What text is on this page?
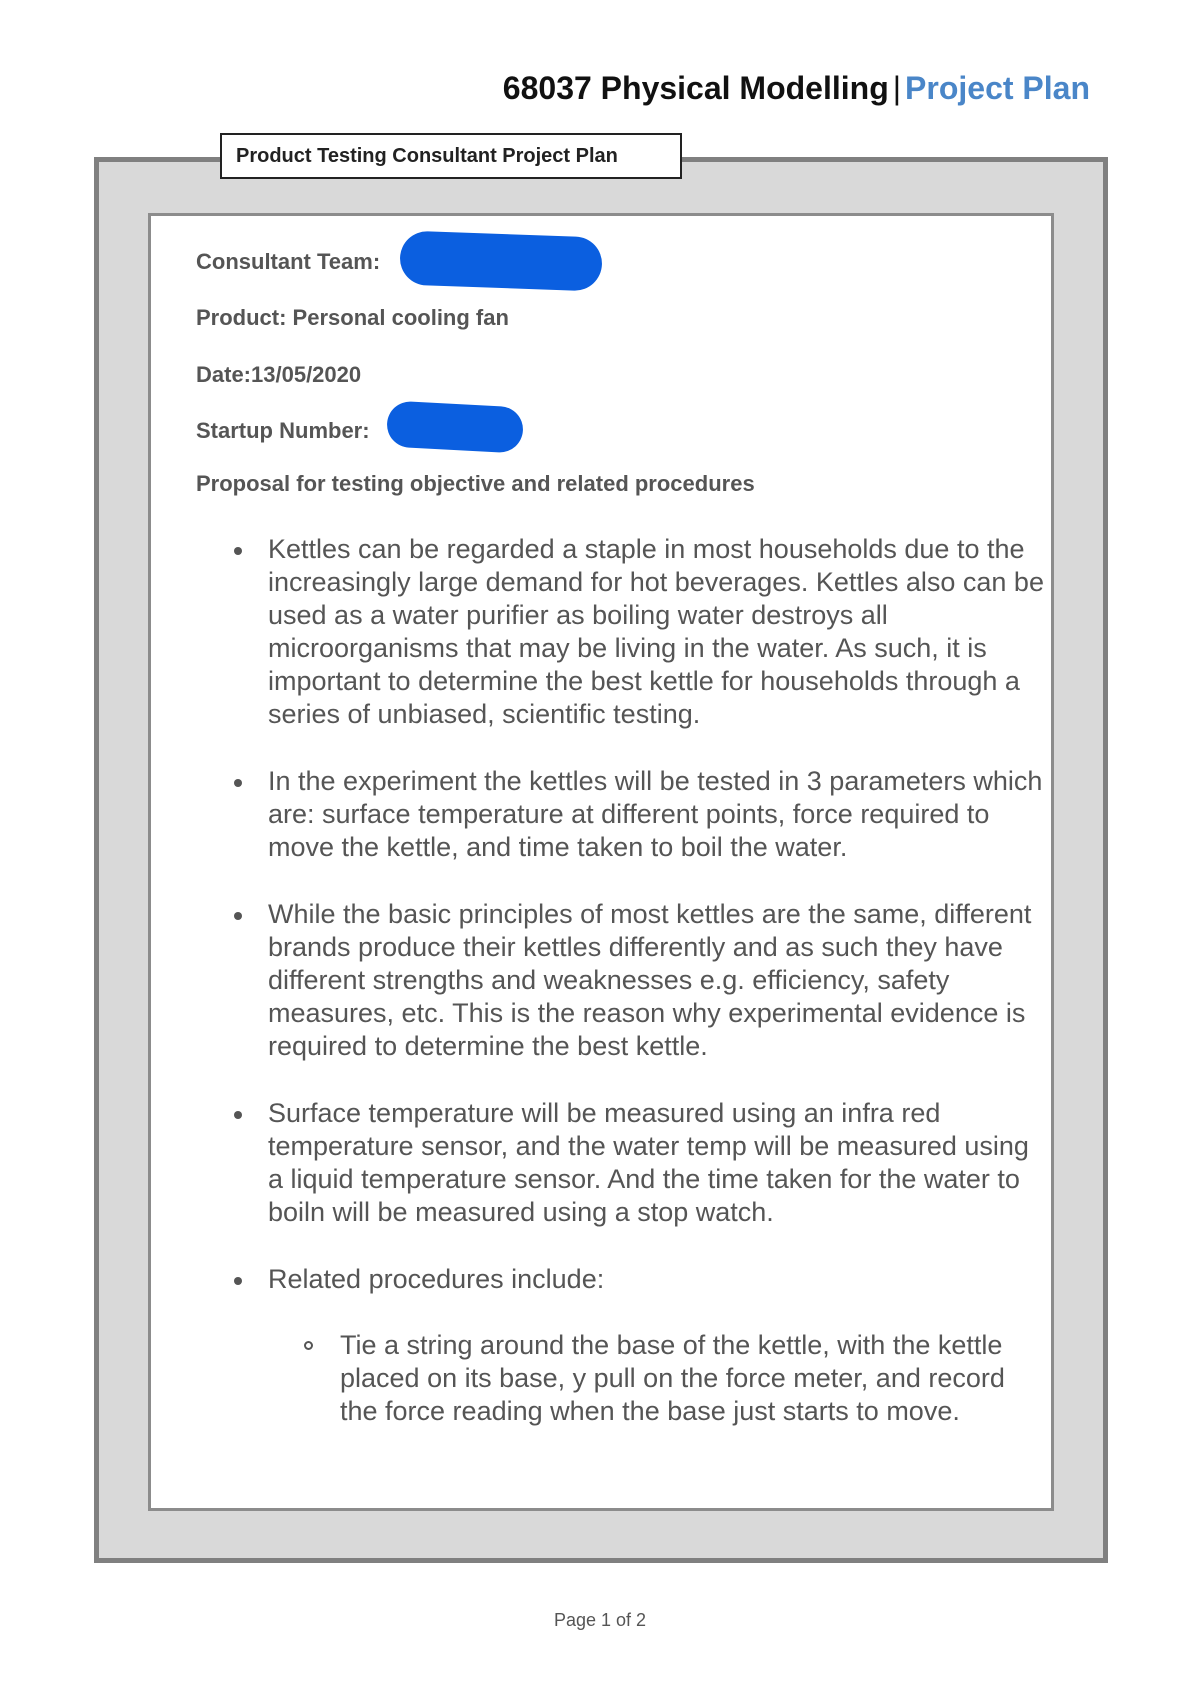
68037 Physical Modelling | Project Plan
Product Testing Consultant Project Plan
Consultant Team:
Product: Personal cooling fan
Date:13/05/2020
Startup Number:
Proposal for testing objective and related procedures
Kettles can be regarded a staple in most households due to the increasingly large demand for hot beverages. Kettles also can be used as a water purifier as boiling water destroys all microorganisms that may be living in the water. As such, it is important to determine the best kettle for households through a series of unbiased, scientific testing.
In the experiment the kettles will be tested in 3 parameters which are: surface temperature at different points, force required to move the kettle, and time taken to boil the water.
While the basic principles of most kettles are the same, different brands produce their kettles differently and as such they have different strengths and weaknesses e.g. efficiency, safety measures, etc. This is the reason why experimental evidence is required to determine the best kettle.
Surface temperature will be measured using an infra red temperature sensor, and the water temp will be measured using a liquid temperature sensor. And the time taken for the water to boiln will be measured using a stop watch.
Related procedures include:
Tie a string around the base of the kettle, with the kettle placed on its base, y pull on the force meter, and record the force reading when the base just starts to move.
Page 1 of 2
